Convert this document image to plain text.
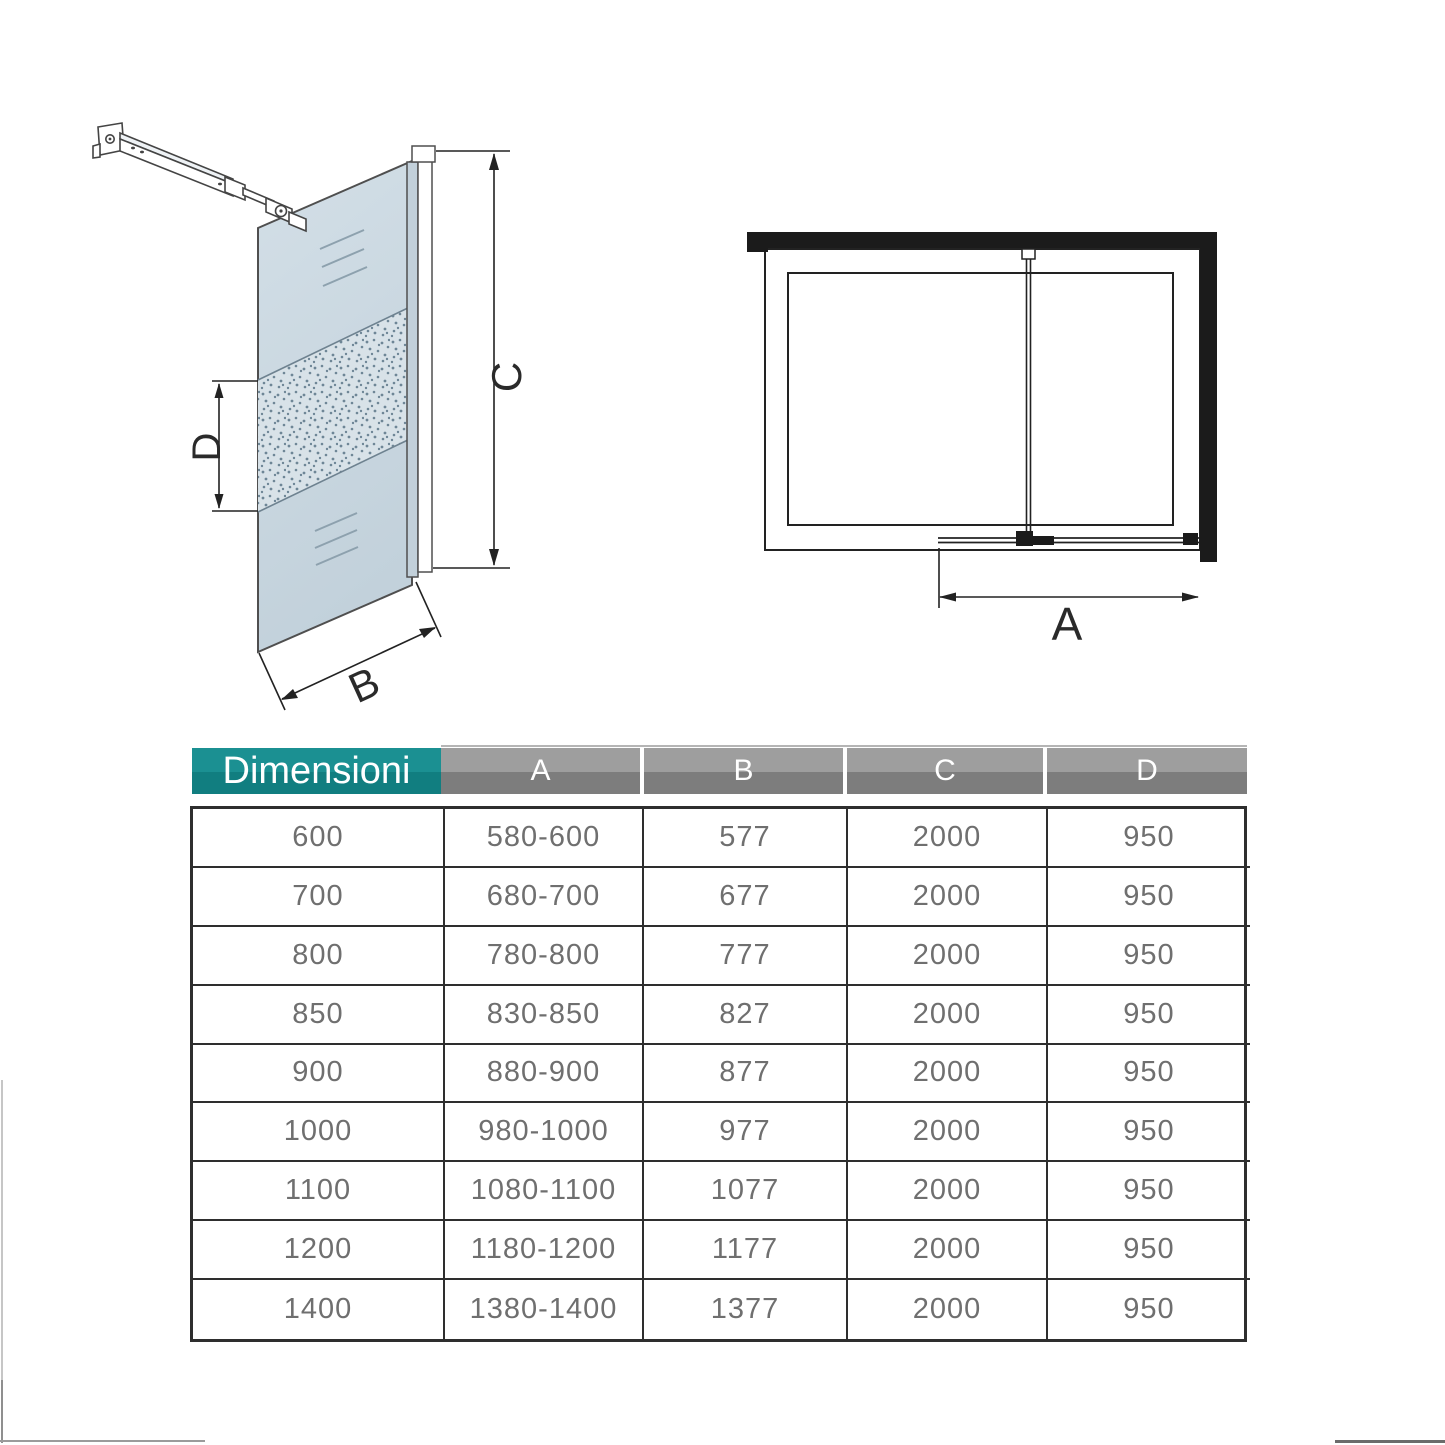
C
D
B
A
Dimensioni	A	B	C	D
600	580-600	577	2000	950
700	680-700	677	2000	950
800	780-800	777	2000	950
850	830-850	827	2000	950
900	880-900	877	2000	950
1000	980-1000	977	2000	950
1100	1080-1100	1077	2000	950
1200	1180-1200	1177	2000	950
1400	1380-1400	1377	2000	950
